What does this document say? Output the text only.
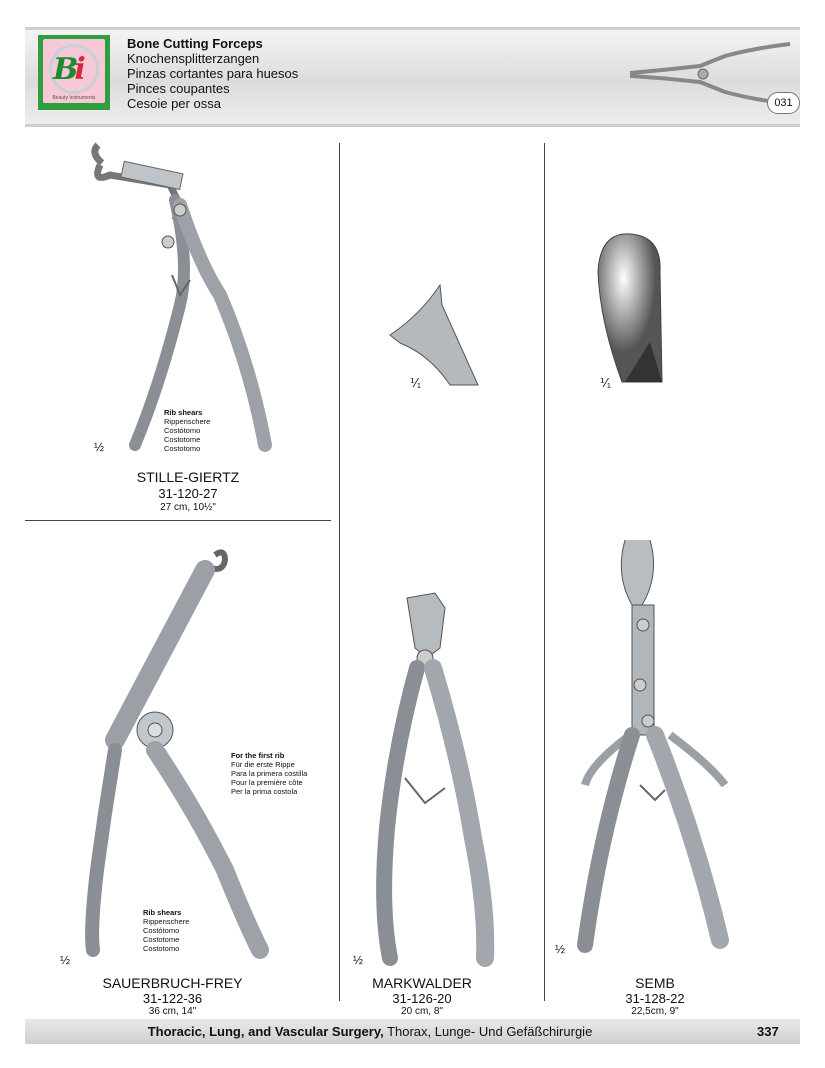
Bi
Beauty Instruments
Bone Cutting Forceps
Knochensplitterzangen
Pinzas cortantes para huesos
Pinces coupantes
Cesoie per ossa	031
Rib shears
Rippenschere
Costótomo
Costotome
Costotomo
½
STILLE-GIERTZ
31-120-27
27 cm, 10½"
⅟₁	⅟₁
For the first rib
Für die erste Rippe
Para la primera costilla
Pour la première côte
Per la prima costola
Rib shears
Rippenschere
Costótomo
Costotome
Costotomo
½
SAUERBRUCH-FREY
31-122-36
36 cm, 14"
½
MARKWALDER
31-126-20
20 cm, 8"
½
SEMB
31-128-22
22,5cm, 9"
Thoracic, Lung, and Vascular Surgery, Thorax, Lunge- Und Gefäßchirurgie	337
